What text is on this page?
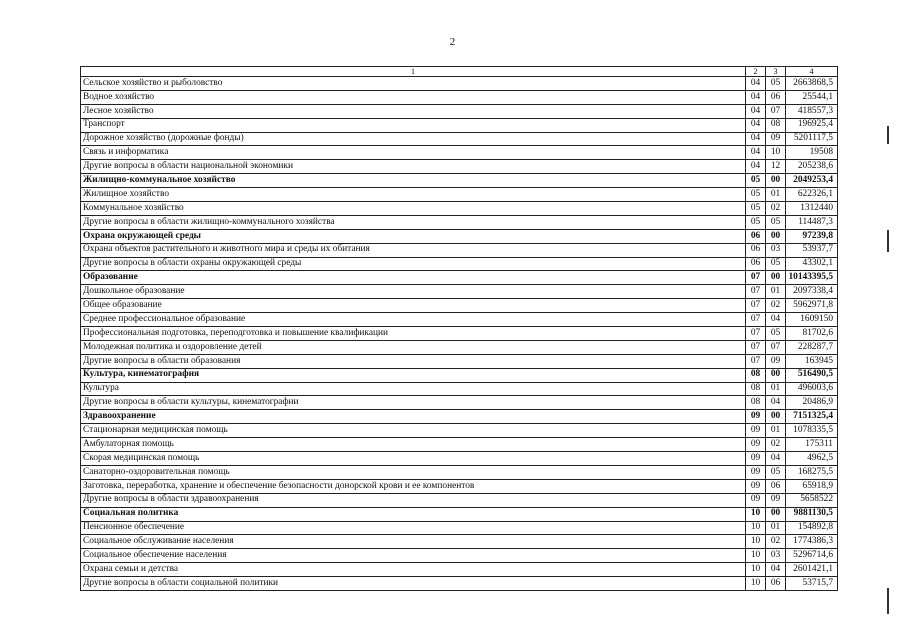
2
1	2	3	4
Сельское хозяйство и рыболовство	04	05	2663868,5
Водное хозяйство	04	06	25544,1
Лесное хозяйство	04	07	418557,3
Транспорт	04	08	196925,4
Дорожное хозяйство (дорожные фонды)	04	09	5201117,5
Связь и информатика	04	10	19508
Другие вопросы в области национальной экономики	04	12	205238,6
Жилищно-коммунальное хозяйство	05	00	2049253,4
Жилищное хозяйство	05	01	622326,1
Коммунальное хозяйство	05	02	1312440
Другие вопросы в области жилищно-коммунального хозяйства	05	05	114487,3
Охрана окружающей среды	06	00	97239,8
Охрана объектов растительного и животного мира и среды их обитания	06	03	53937,7
Другие вопросы в области охраны окружающей среды	06	05	43302,1
Образование	07	00	10143395,5
Дошкольное образование	07	01	2097338,4
Общее образование	07	02	5962971,8
Среднее профессиональное образование	07	04	1609150
Профессиональная подготовка, переподготовка и повышение квалификации	07	05	81702,6
Молодежная политика и оздоровление детей	07	07	228287,7
Другие вопросы в области образования	07	09	163945
Культура, кинематография	08	00	516490,5
Культура	08	01	496003,6
Другие вопросы в области культуры, кинематографии	08	04	20486,9
Здравоохранение	09	00	7151325,4
Стационарная медицинская помощь	09	01	1078335,5
Амбулаторная помощь	09	02	175311
Скорая медицинская помощь	09	04	4962,5
Санаторно-оздоровительная помощь	09	05	168275,5
Заготовка, переработка, хранение и обеспечение безопасности донорской крови и ее компонентов	09	06	65918,9
Другие вопросы в области здравоохранения	09	09	5658522
Социальная политика	10	00	9881130,5
Пенсионное обеспечение	10	01	154892,8
Социальное обслуживание населения	10	02	1774386,3
Социальное обеспечение населения	10	03	5296714,6
Охрана семьи и детства	10	04	2601421,1
Другие вопросы в области социальной политики	10	06	53715,7
